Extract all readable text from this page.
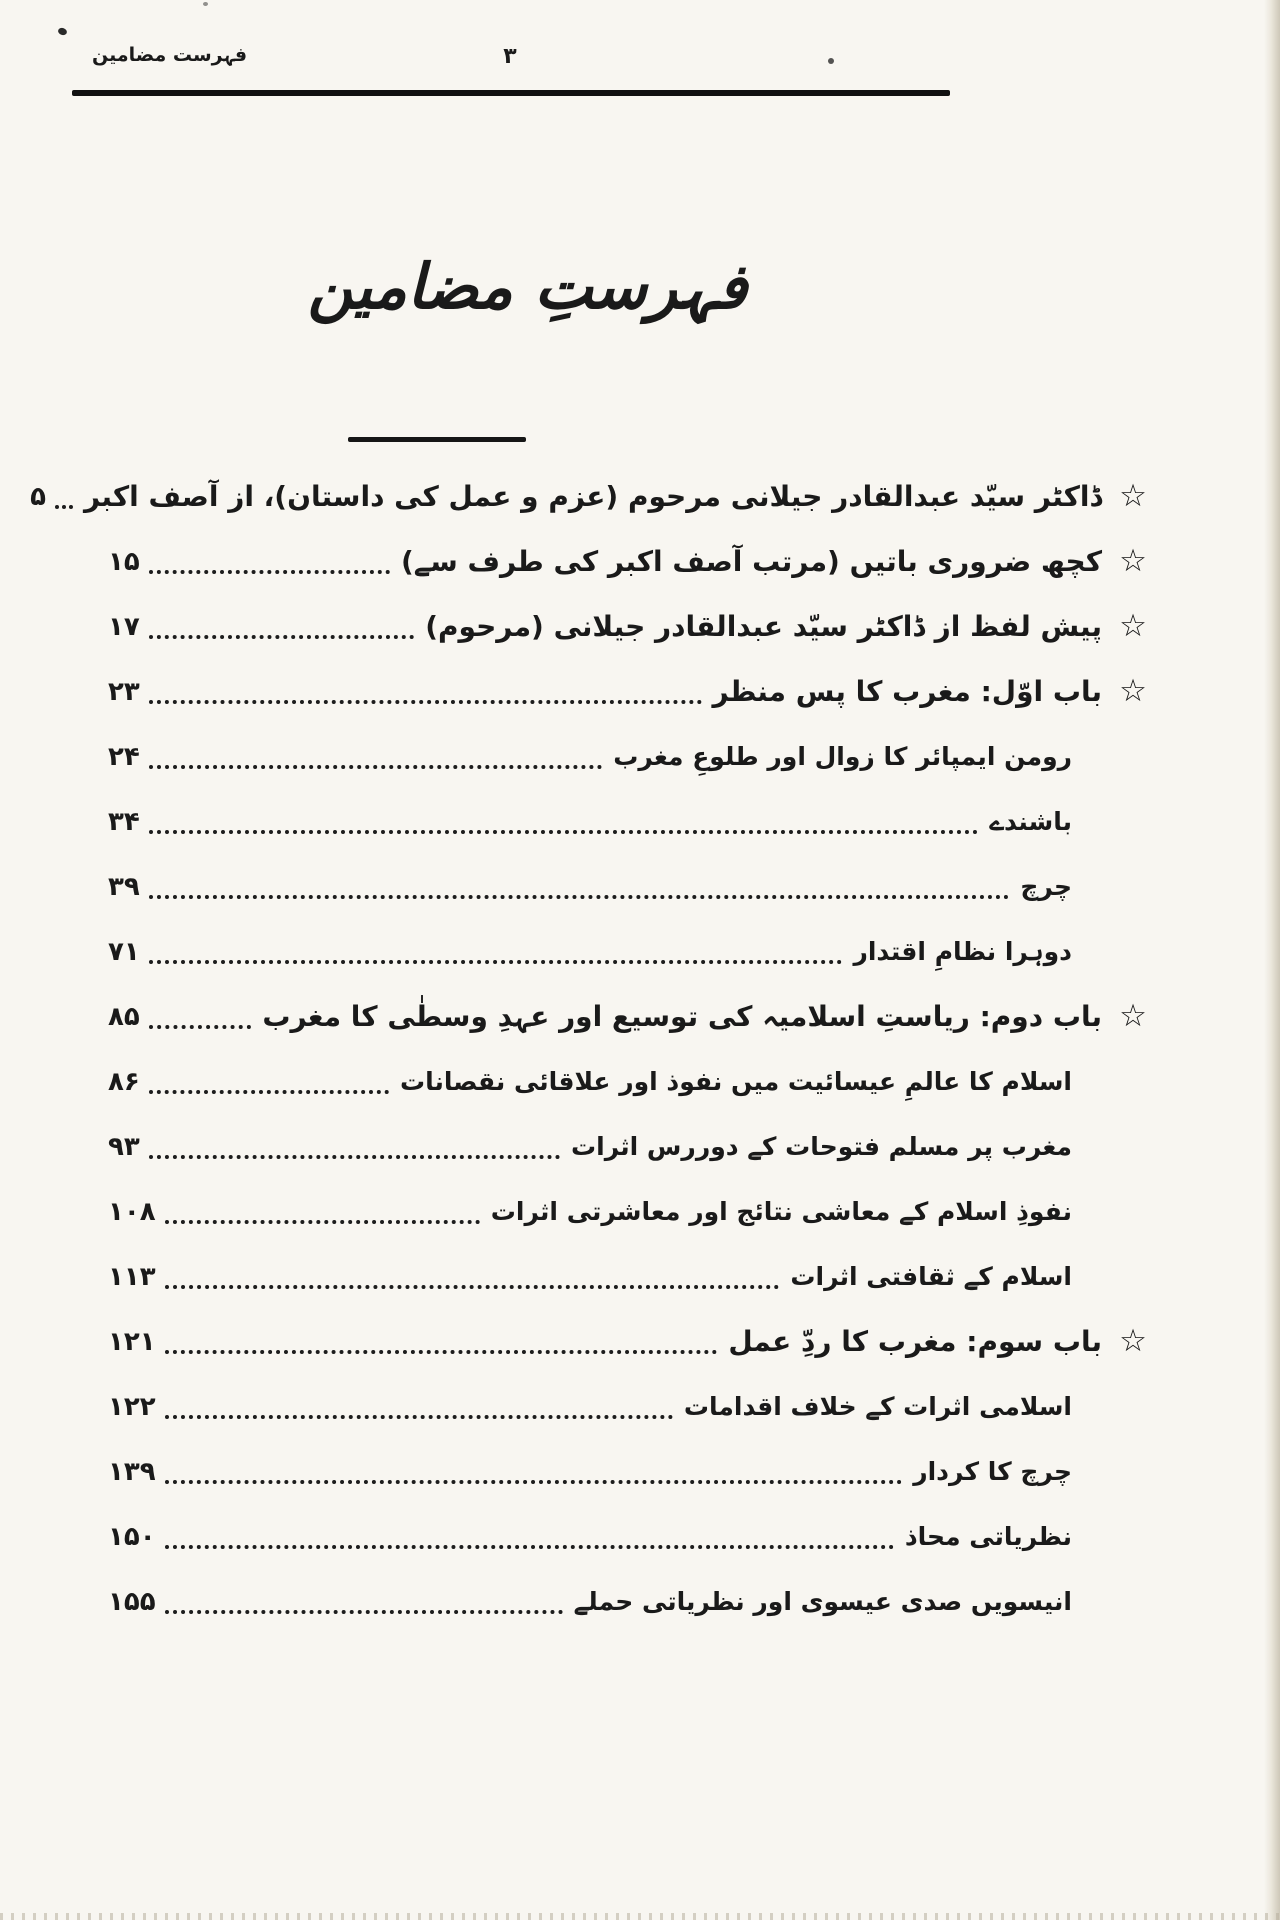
فہرست مضامین	۳
فہرستِ مضامین
☆
ڈاکٹر سیّد عبدالقادر جیلانی مرحوم (عزم و عمل کی داستان)، از آصف اکبر
۵
☆
کچھ ضروری باتیں (مرتب آصف اکبر کی طرف سے)
۱۵
☆
پیش لفظ از ڈاکٹر سیّد عبدالقادر جیلانی (مرحوم)
۱۷
☆
باب اوّل: مغرب کا پس منظر
۲۳
رومن ایمپائر کا زوال اور طلوعِ مغرب
۲۴
باشندے
۳۴
چرچ
۳۹
دوہرا نظامِ اقتدار
۷۱
☆
باب دوم: ریاستِ اسلامیہ کی توسیع اور عہدِ وسطٰی کا مغرب
۸۵
اسلام کا عالمِ عیسائیت میں نفوذ اور علاقائی نقصانات
۸۶
مغرب پر مسلم فتوحات کے دوررس اثرات
۹۳
نفوذِ اسلام کے معاشی نتائج اور معاشرتی اثرات
۱۰۸
اسلام کے ثقافتی اثرات
۱۱۳
☆
باب سوم: مغرب کا ردِّ عمل
۱۲۱
اسلامی اثرات کے خلاف اقدامات
۱۲۲
چرچ کا کردار
۱۳۹
نظریاتی محاذ
۱۵۰
انیسویں صدی عیسوی اور نظریاتی حملے
۱۵۵
